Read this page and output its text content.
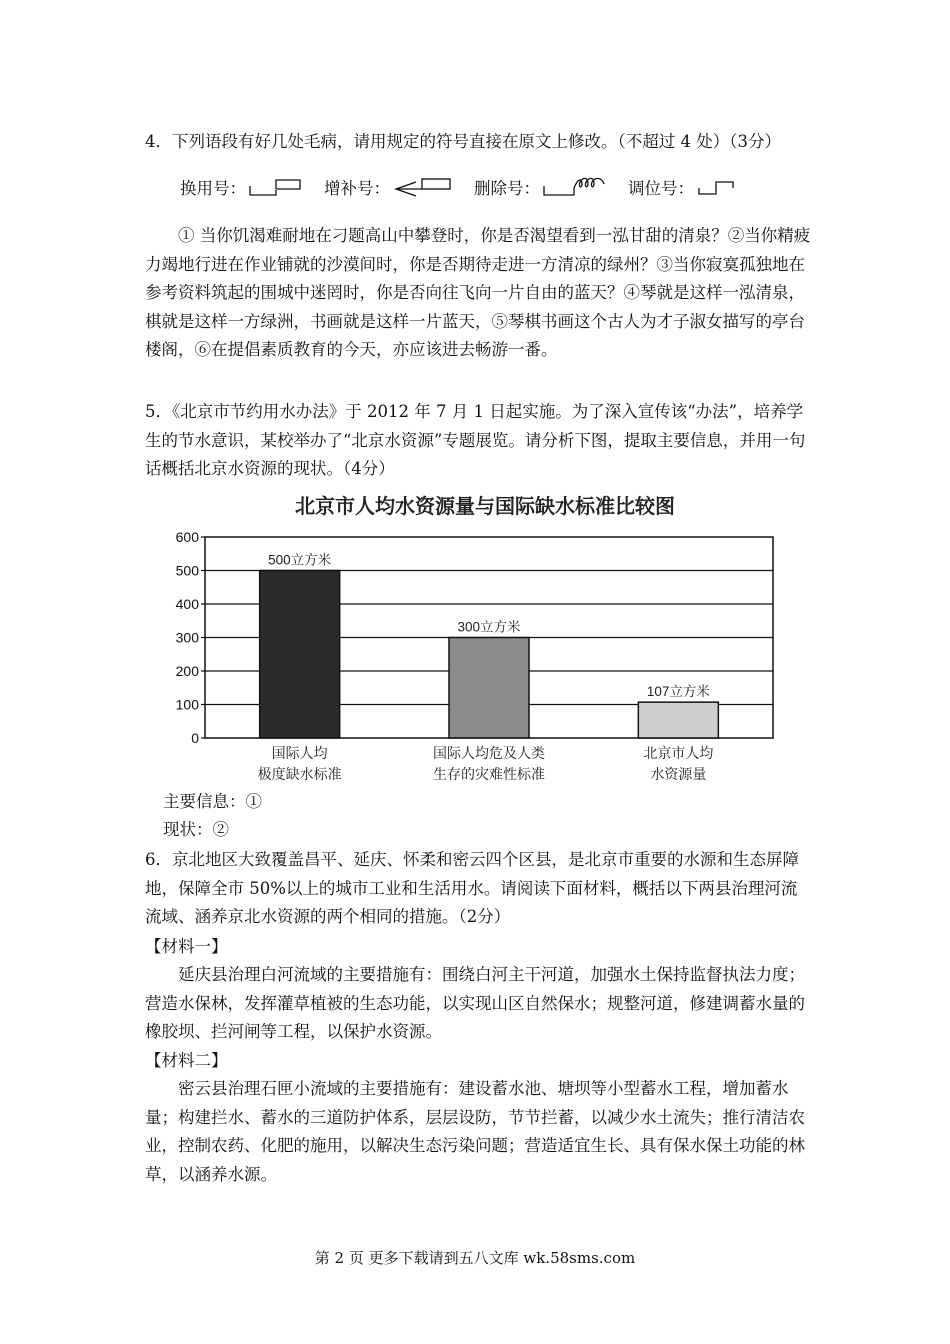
4．下列语段有好几处毛病，请用规定的符号直接在原文上修改。（不超过 4 处）（3分）
换用号：	增补号：	删除号：	调位号：
① 当你饥渴难耐地在刁题高山中攀登时，你是否渴望看到一泓甘甜的清泉？②当你精疲力竭地行进在作业铺就的沙漠间时，你是否期待走进一方清凉的绿州？③当你寂寞孤独地在参考资料筑起的围城中迷罔时，你是否向往飞向一片自由的蓝天？④琴就是这样一泓清泉，棋就是这样一方绿洲，书画就是这样一片蓝天，⑤琴棋书画这个古人为才子淑女描写的亭台楼阁，⑥在提倡素质教育的今天，亦应该进去畅游一番。
5．《北京市节约用水办法》于 2012 年 7 月 1 日起实施。为了深入宣传该“办法”，培养学生的节水意识，某校举办了“北京水资源”专题展览。请分析下图，提取主要信息，并用一句话概括北京水资源的现状。（4分）
北京市人均水资源量与国际缺水标准比较图
0
100
200
300
400
500
600
500立方米
国际人均
极度缺水标准
300立方米
国际人均危及人类
生存的灾难性标准
107立方米
北京市人均
水资源量
主要信息：①
现状：②
6．京北地区大致覆盖昌平、延庆、怀柔和密云四个区县，是北京市重要的水源和生态屏障地，保障全市 50%以上的城市工业和生活用水。请阅读下面材料，概括以下两县治理河流流域、涵养京北水资源的两个相同的措施。（2分）
【材料一】
延庆县治理白河流域的主要措施有：围绕白河主干河道，加强水土保持监督执法力度；营造水保林，发挥灌草植被的生态功能，以实现山区自然保水；规整河道，修建调蓄水量的橡胶坝、拦河闸等工程，以保护水资源。
【材料二】
密云县治理石匣小流域的主要措施有：建设蓄水池、塘坝等小型蓄水工程，增加蓄水量；构建拦水、蓄水的三道防护体系，层层设防，节节拦蓄，以减少水土流失；推行清洁农业，控制农药、化肥的施用，以解决生态污染问题；营造适宜生长、具有保水保土功能的林草，以涵养水源。
第 2 页 更多下载请到五八文库 wk.58sms.com
